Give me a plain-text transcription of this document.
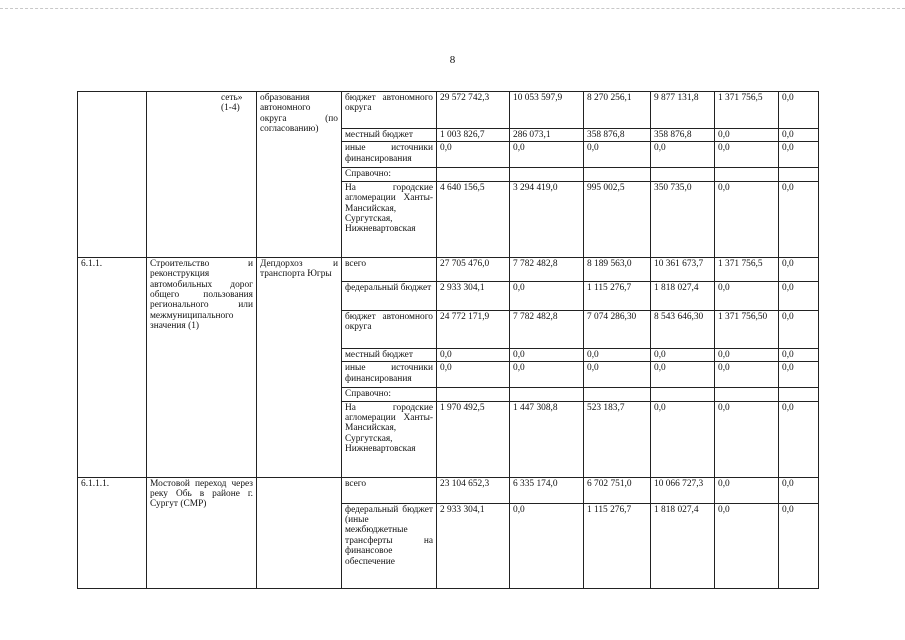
8
	сеть» (1-4)	образования автономного округа (по согласованию)	бюджет автономного округа	29 572 742,3	10 053 597,9	8 270 256,1	9 877 131,8	1 371 756,5	0,0
			местный бюджет	1 003 826,7	286 073,1	358 876,8	358 876,8	0,0	0,0
			иные источники финансирования	0,0	0,0	0,0	0,0	0,0	0,0
			Справочно:						
			На городские агломерации Ханты-Мансийская, Сургутская, Нижневартовская	4 640 156,5	3 294 419,0	995 002,5	350 735,0	0,0	0,0
6.1.1.	Строительство и реконструкция автомобильных дорог общего пользования регионального или межмуниципального значения (1)	Депдорхоз и транспорта Югры	всего	27 705 476,0	7 782 482,8	8 189 563,0	10 361 673,7	1 371 756,5	0,0
			федеральный бюджет	2 933 304,1	0,0	1 115 276,7	1 818 027,4	0,0	0,0
			бюджет автономного округа	24 772 171,9	7 782 482,8	7 074 286,30	8 543 646,30	1 371 756,50	0,0
			местный бюджет	0,0	0,0	0,0	0,0	0,0	0,0
			иные источники финансирования	0,0	0,0	0,0	0,0	0,0	0,0
			Справочно:						
			На городские агломерации Ханты-Мансийская, Сургутская, Нижневартовская	1 970 492,5	1 447 308,8	523 183,7	0,0	0,0	0,0
6.1.1.1.	Мостовой переход через реку Обь в районе г. Сургут (СМР)		всего	23 104 652,3	6 335 174,0	6 702 751,0	10 066 727,3	0,0	0,0
			федеральный бюджет (иные межбюджетные трансферты на финансовое обеспечение	2 933 304,1	0,0	1 115 276,7	1 818 027,4	0,0	0,0
